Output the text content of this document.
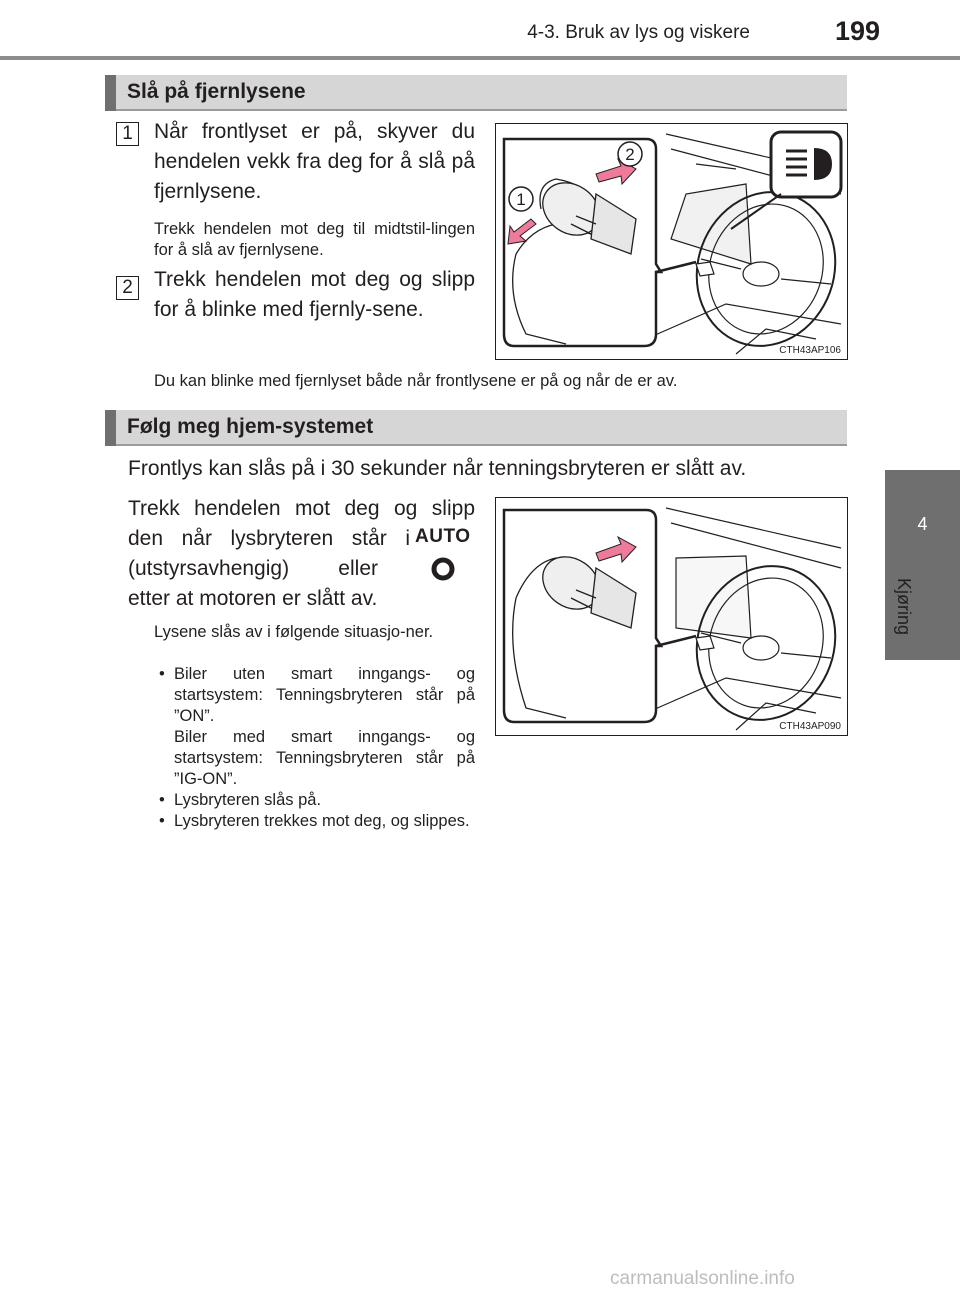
4-3. Bruk av lys og viskere	199
4
Kjøring
Slå på fjernlysene
1 Når frontlyset er på, skyver du hendelen vekk fra deg for å slå på fjernlysene.
Trekk hendelen mot deg til midtstil-lingen for å slå av fjernlysene.
2 Trekk hendelen mot deg og slipp for å blinke med fjernly-sene.
2
1
CTH43AP106
Du kan blinke med fjernlyset både når frontlysene er på og når de er av.
Følg meg hjem-systemet
Frontlys kan slås på i 30 sekunder når tenningsbryteren er slått av.
Trekk hendelen mot deg og slipp
den når lysbryteren står i AUTO
(utstyrsavhengig) eller
etter at motoren er slått av.
Lysene slås av i følgende situasjo-ner.
• Biler uten smart inngangs- og startsystem: Tenningsbryteren står på ”ON”.
Biler med smart inngangs- og startsystem: Tenningsbryteren står på ”IG-ON”.
• Lysbryteren slås på.
• Lysbryteren trekkes mot deg, og slippes.
CTH43AP090
carmanualsonline.info
